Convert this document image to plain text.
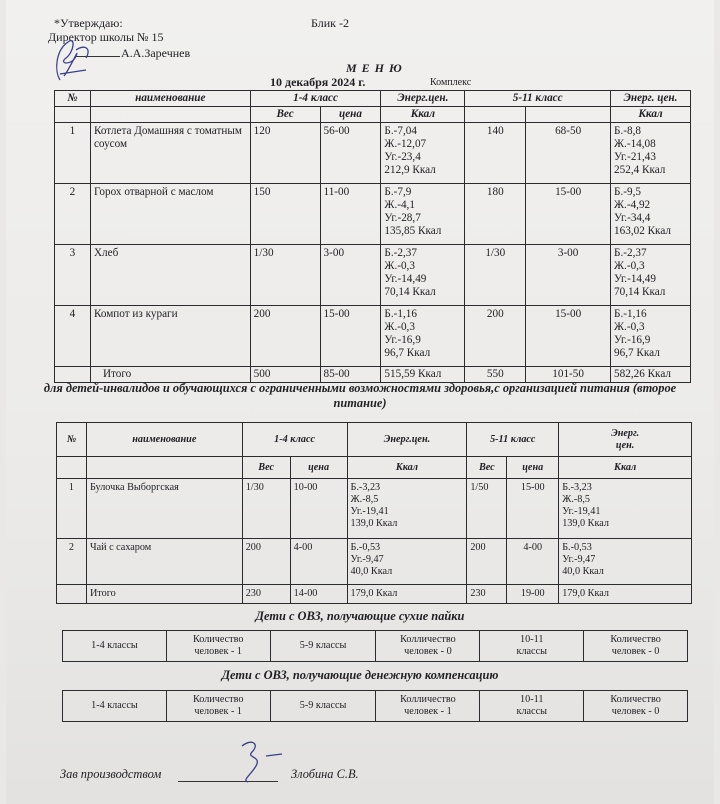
*Утверждаю:
Директор школы № 15
Блик -2
А.А.Заречнев
М Е Н Ю
10 декабря 2024 г.	Комплекс
№	наименование	1-4 класс		Энерг.цен.	5-11 класс		Энерг. цен.
		Вес	цена	Ккал			Ккал
1	Котлета Домашняя с томатным соусом	120	56-00	Б.-7,04
Ж.-12,07
Уг.-23,4
212,9 Ккал	140	68-50	Б.-8,8
Ж.-14,08
Уг.-21,43
252,4 Ккал
2	Горох отварной с маслом	150	11-00	Б.-7,9
Ж.-4,1
Уг.-28,7
135,85 Ккал	180	15-00	Б.-9,5
Ж.-4,92
Уг.-34,4
163,02 Ккал
3	Хлеб	1/30	3-00	Б.-2,37
Ж.-0,3
Уг.-14,49
70,14 Ккал	1/30	3-00	Б.-2,37
Ж.-0,3
Уг.-14,49
70,14 Ккал
4	Компот из кураги	200	15-00	Б.-1,16
Ж.-0,3
Уг.-16,9
96,7 Ккал	200	15-00	Б.-1,16
Ж.-0,3
Уг.-16,9
96,7 Ккал
	Итого	500	85-00	515,59 Ккал	550	101-50	582,26 Ккал
для детей-инвалидов и обучающихся с ограниченными возможностями здоровья,с организацией питания (второе питание)
№	наименование	1-4 класс		Энерг.цен.	5-11 класс		Энерг.
цен.
		Вес	цена	Ккал	Вес	цена	Ккал
1	Булочка Выборгская	1/30	10-00	Б.-3,23
Ж.-8,5
Уг.-19,41
139,0 Ккал	1/50	15-00	Б.-3,23
Ж.-8,5
Уг.-19,41
139,0 Ккал
2	Чай с сахаром	200	4-00	Б.-0,53
Уг.-9,47
40,0 Ккал	200	4-00	Б.-0,53
Уг.-9,47
40,0 Ккал
	Итого	230	14-00	179,0 Ккал	230	19-00	179,0 Ккал
Дети с ОВЗ, получающие сухие пайки
1-4 классы	Количество
человек - 1	5-9 классы	Колличество
человек - 0	10-11
классы	Количество
человек - 0
Дети с ОВЗ, получающие денежную компенсацию
1-4 классы	Количество
человек - 1	5-9 классы	Колличество
человек - 1	10-11
классы	Количество
человек - 0
Зав производством	Злобина С.В.
